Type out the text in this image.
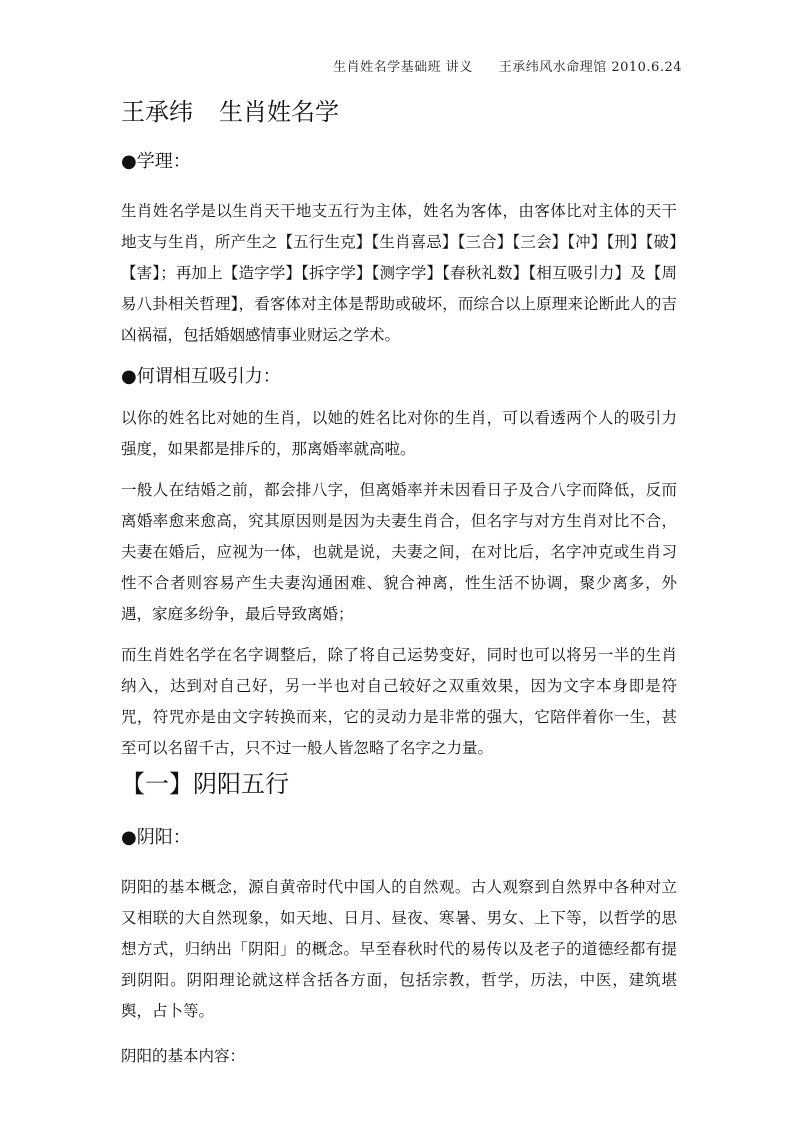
生肖姓名学基础班 讲义 王承纬风水命理馆 2010.6.24
王承纬 生肖姓名学
●学理：
生肖姓名学是以生肖天干地支五行为主体，姓名为客体，由客体比对主体的天干地支与生肖，所产生之【五行生克】【生肖喜忌】【三合】【三会】【冲】【刑】【破】【害】；再加上【造字学】【拆字学】【测字学】【春秋礼数】【相互吸引力】及【周易八卦相关哲理】，看客体对主体是帮助或破坏，而综合以上原理来论断此人的吉凶祸福，包括婚姻感情事业财运之学术。
●何谓相互吸引力：
以你的姓名比对她的生肖，以她的姓名比对你的生肖，可以看透两个人的吸引力强度，如果都是排斥的，那离婚率就高啦。
一般人在结婚之前，都会排八字，但离婚率并未因看日子及合八字而降低，反而离婚率愈来愈高，究其原因则是因为夫妻生肖合，但名字与对方生肖对比不合，夫妻在婚后，应视为一体，也就是说，夫妻之间，在对比后，名字冲克或生肖习性不合者则容易产生夫妻沟通困难、貌合神离，性生活不协调，聚少离多，外遇，家庭多纷争，最后导致离婚；
而生肖姓名学在名字调整后，除了将自己运势变好，同时也可以将另一半的生肖纳入，达到对自己好，另一半也对自己较好之双重效果，因为文字本身即是符咒，符咒亦是由文字转换而来，它的灵动力是非常的强大，它陪伴着你一生，甚至可以名留千古，只不过一般人皆忽略了名字之力量。
【一】阴阳五行
●阴阳：
阴阳的基本概念，源自黄帝时代中国人的自然观。古人观察到自然界中各种对立又相联的大自然现象，如天地、日月、昼夜、寒暑、男女、上下等，以哲学的思想方式，归纳出「阴阳」的概念。早至春秋时代的易传以及老子的道德经都有提到阴阳。阴阳理论就这样含括各方面，包括宗教，哲学，历法，中医，建筑堪舆，占卜等。
阴阳的基本内容：
